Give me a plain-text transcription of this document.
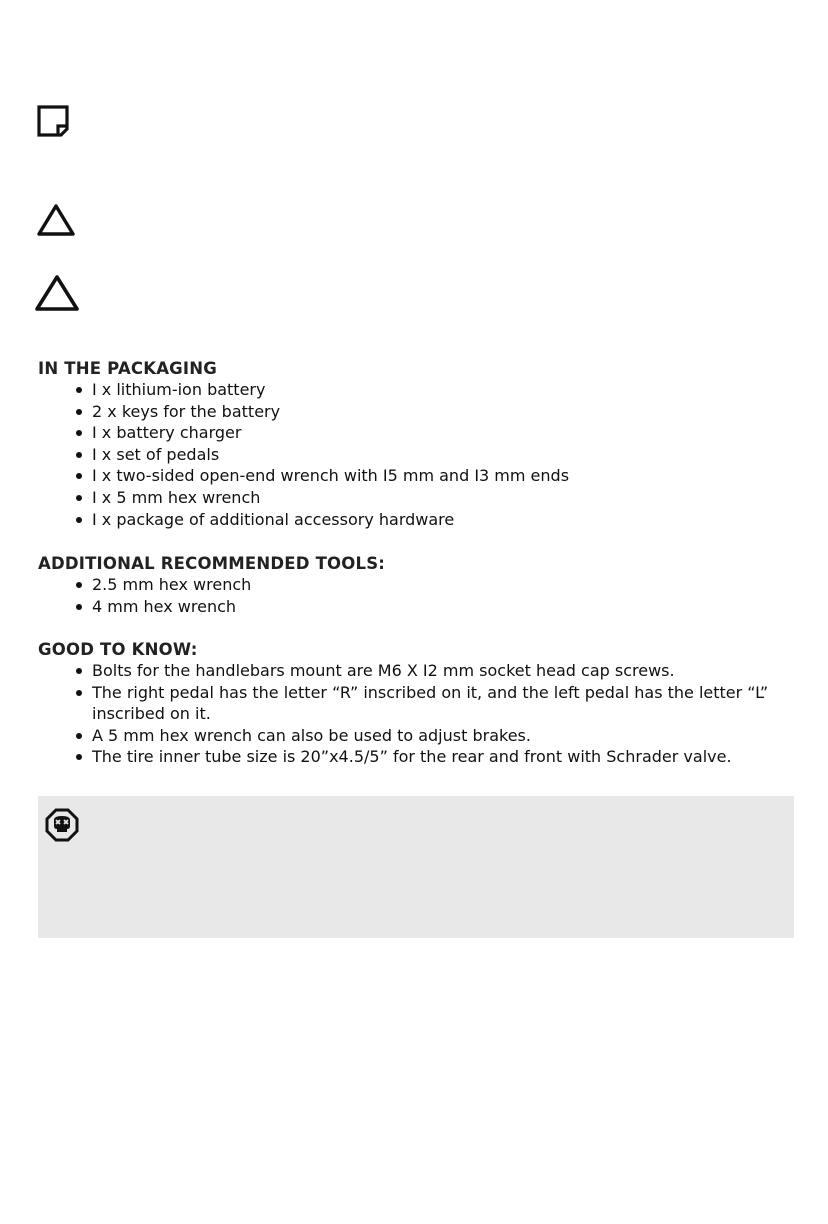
IN THE PACKAGING
I x lithium-ion battery
2 x keys for the battery
I x battery charger
I x set of pedals
I x two-sided open-end wrench with I5 mm and I3 mm ends
I x 5 mm hex wrench
I x package of additional accessory hardware
ADDITIONAL RECOMMENDED TOOLS:
2.5 mm hex wrench
4 mm hex wrench
GOOD TO KNOW:
Bolts for the handlebars mount are M6 X I2 mm socket head cap screws.
The right pedal has the letter “R” inscribed on it, and the left pedal has the letter “L” inscribed on it.
A 5 mm hex wrench can also be used to adjust brakes.
The tire inner tube size is 20”x4.5/5” for the rear and front with Schrader valve.
